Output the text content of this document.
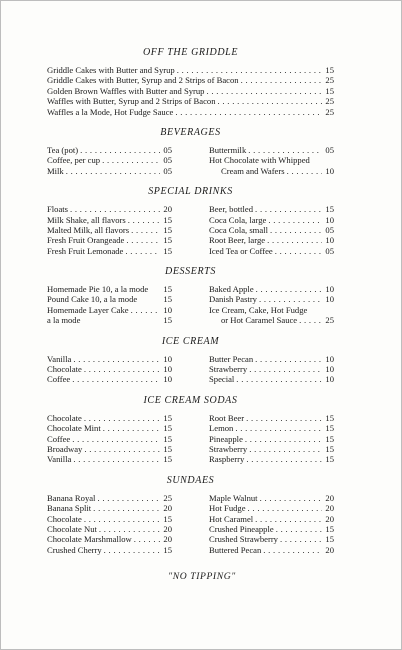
OFF THE GRIDDLE
Griddle Cakes with Butter and Syrup . . .	15
Griddle Cakes with Butter, Syrup and 2 Strips of Bacon . . .	25
Golden Brown Waffles with Butter and Syrup . . .	15
Waffles with Butter, Syrup and 2 Strips of Bacon . . .	25
Waffles a la Mode, Hot Fudge Sauce . . .	25
BEVERAGES
Tea (pot) . . .	05
Coffee, per cup . . .	05
Milk . . .	05
Buttermilk . . .	05
Hot Chocolate with Whipped
Cream and Wafers . . .	10
SPECIAL DRINKS
Floats . . .	20
Milk Shake, all flavors . . .	15
Malted Milk, all flavors . . .	15
Fresh Fruit Orangeade . . .	15
Fresh Fruit Lemonade . . .	15
Beer, bottled . . .	15
Coca Cola, large . . .	10
Coca Cola, small . . .	05
Root Beer, large . . .	10
Iced Tea or Coffee . . .	05
DESSERTS
Homemade Pie 10, a la mode 15
Pound Cake 10, a la mode	15
Homemade Layer Cake . . .	10
a la mode	15
Baked Apple . . .	10
Danish Pastry . . .	10
Ice Cream, Cake, Hot Fudge
or Hot Caramel Sauce . . .	25
ICE CREAM
Vanilla . . .	10
Chocolate . . .	10
Coffee . . .	10
Butter Pecan . . .	10
Strawberry . . .	10
Special . . .	10
ICE CREAM SODAS
Chocolate . . .	15
Chocolate Mint . . .	15
Coffee . . .	15
Broadway . . .	15
Vanilla . . .	15
Root Beer . . .	15
Lemon . . .	15
Pineapple . . .	15
Strawberry . . .	15
Raspberry . . .	15
SUNDAES
Banana Royal . . .	25
Banana Split . . .	20
Chocolate . . .	15
Chocolate Nut . . .	20
Chocolate Marshmallow . . .	20
Crushed Cherry . . .	15
Maple Walnut . . .	20
Hot Fudge . . .	20
Hot Caramel . . .	20
Crushed Pineapple . . .	15
Crushed Strawberry . . .	15
Buttered Pecan . . .	20
"NO TIPPING"
